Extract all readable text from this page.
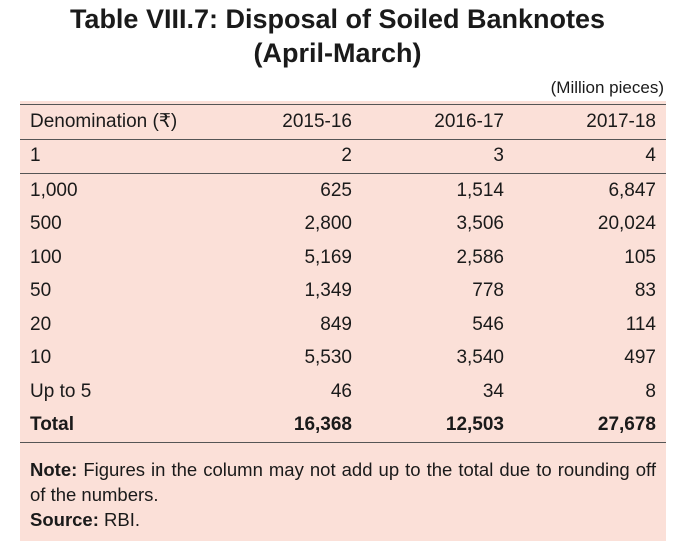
Table VIII.7: Disposal of Soiled Banknotes
(April-March)
(Million pieces)
Denomination (₹)	2015-16	2016-17	2017-18
1	2	3	4
1,000	625	1,514	6,847
500	2,800	3,506	20,024
100	5,169	2,586	105
50	1,349	778	83
20	849	546	114
10	5,530	3,540	497
Up to 5	46	34	8
Total	16,368	12,503	27,678
Note: Figures in the column may not add up to the total due to rounding off of the numbers.
Source: RBI.
